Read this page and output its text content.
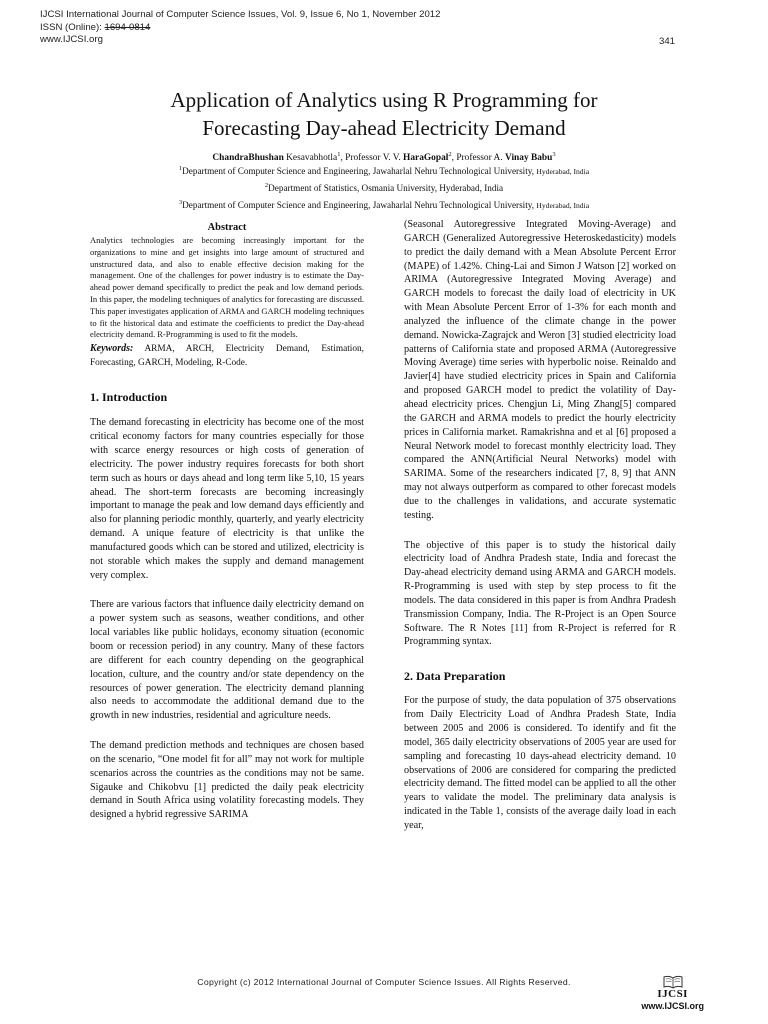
IJCSI International Journal of Computer Science Issues, Vol. 9, Issue 6, No 1, November 2012
ISSN (Online): 1694-0814
www.IJCSI.org	341
Application of Analytics using R Programming for
Forecasting Day-ahead Electricity Demand
ChandraBhushan Kesavabhotla$^1$, Professor V. V. HaraGopal$^2$, Professor A. Vinay Babu$^3$
$^1$Department of Computer Science and Engineering, Jawaharlal Nehru Technological University, Hyderabad, India
$^2$Department of Statistics, Osmania University, Hyderabad, India
$^3$Department of Computer Science and Engineering, Jawaharlal Nehru Technological University, Hyderabad, India
Abstract

Analytics technologies are becoming increasingly important for the organizations to mine and get insights into large amount of structured and unstructured data, and also to enable effective decision making for the management. One of the challenges for power industry is to estimate the Day-ahead power demand specifically to predict the peak and low demand periods. In this paper, the modeling techniques of analytics for forecasting are discussed. This paper investigates application of ARMA and GARCH modeling techniques to fit the historical data and estimate the coefficients to predict the Day-ahead electricity demand. R-Programming is used to fit the models.

Keywords: ARMA, ARCH, Electricity Demand, Estimation, Forecasting, GARCH, Modeling, R-Code.

1. Introduction

The demand forecasting in electricity has become one of the most critical economy factors for many countries especially for those with scarce energy resources or high costs of generation of electricity. The power industry requires forecasts for both short term such as hours or days ahead and long term like 5,10, 15 years ahead. The short-term forecasts are becoming increasingly important to manage the peak and low demand days efficiently and also for planning periodic monthly, quarterly, and yearly electricity demand. A unique feature of electricity is that unlike the manufactured goods which can be stored and utilized, electricity is not storable which makes the supply and demand management very complex.

There are various factors that influence daily electricity demand on a power system such as seasons, weather conditions, and other local variables like public holidays, economy situation (economic boom or recession period) in any country. Many of these factors are different for each country depending on the geographical location, culture, and the country and/or state dependency on the resources of power generation. The electricity demand planning also needs to accommodate the additional demand due to the growth in new industries, residential and agriculture needs.

The demand prediction methods and techniques are chosen based on the scenario, “One model fit for all” may not work for multiple scenarios across the countries as the conditions may not be same. Sigauke and Chikobvu [1] predicted the daily peak electricity demand in South Africa using volatility forecasting models. They designed a hybrid regressive SARIMA

(Seasonal Autoregressive Integrated Moving-Average) and GARCH (Generalized Autoregressive Heteroskedasticity) models to predict the daily demand with a Mean Absolute Percent Error (MAPE) of 1.42%. Ching-Lai and Simon J Watson [2] worked on ARIMA (Autoregressive Integrated Moving Average) and GARCH models to forecast the daily load of electricity in UK with Mean Absolute Percent Error of 1-3% for each month and analyzed the influence of the climate change in the power demand. Nowicka-Zagrajck and Weron [3] studied electricity load patterns of California state and proposed ARMA (Autoregressive Moving Average) time series with hyperbolic noise. Reinaldo and Javier[4] have studied electricity prices in Spain and California and proposed GARCH model to predict the volatility of Day-ahead electricity prices. Chengjun Li, Ming Zhang[5] compared the GARCH and ARMA models to predict the hourly electricity prices in California market. Ramakrishna and et al [6] proposed a Neural Network model to forecast monthly electricity load. They compared the ANN(Artificial Neural Networks) model with SARIMA. Some of the researchers indicated [7, 8, 9] that ANN may not always outperform as compared to other forecast models due to the challenges in validations, and accurate systematic testing.

The objective of this paper is to study the historical daily electricity load of Andhra Pradesh state, India and forecast the Day-ahead electricity demand using ARMA and GARCH models. R-Programming is used with step by step process to fit the models. The data considered in this paper is from Andhra Pradesh Transmission Company, India. The R-Project is an Open Source Software. The R Notes [11] from R-Project is referred for R Programming syntax.

2. Data Preparation

For the purpose of study, the data population of 375 observations from Daily Electricity Load of Andhra Pradesh State, India between 2005 and 2006 is considered. To identify and fit the model, 365 daily electricity observations of 2005 year are used for sampling and forecasting 10 days-ahead electricity demand. 10 observations of 2006 are considered for comparing the predicted electricity demand. The fitted model can be applied to all the other years to validate the model. The preliminary data analysis is indicated in the Table 1, consists of the average daily load in each year,

Copyright (c) 2012 International Journal of Computer Science Issues. All Rights Reserved.
IJCSI
www.IJCSI.org
